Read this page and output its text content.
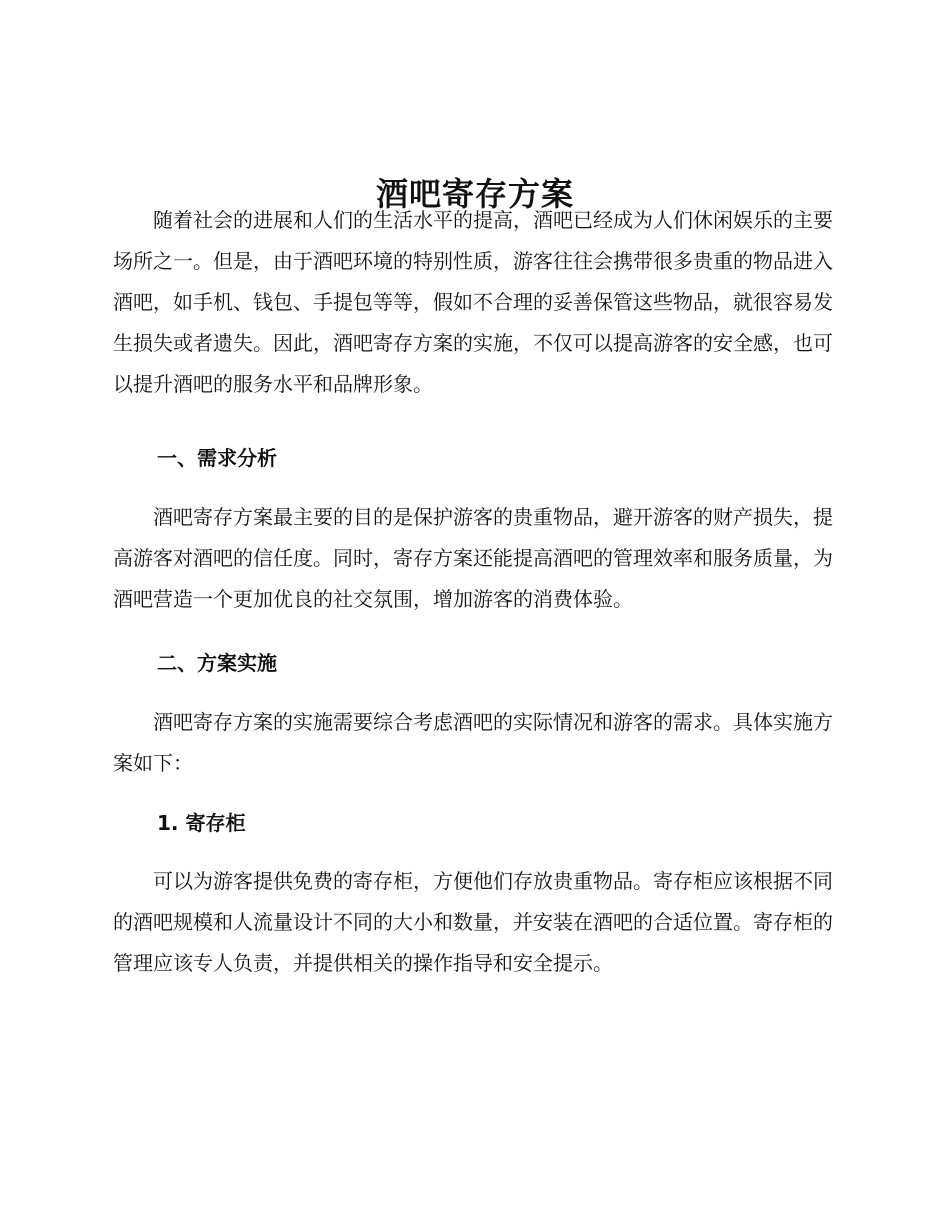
酒吧寄存方案

随着社会的进展和人们的生活水平的提高，酒吧已经成为人们休闲娱乐的主要场所之一。但是，由于酒吧环境的特别性质，游客往往会携带很多贵重的物品进入酒吧，如手机、钱包、手提包等等，假如不合理的妥善保管这些物品，就很容易发生损失或者遗失。因此，酒吧寄存方案的实施，不仅可以提高游客的安全感，也可以提升酒吧的服务水平和品牌形象。

一、需求分析

酒吧寄存方案最主要的目的是保护游客的贵重物品，避开游客的财产损失，提高游客对酒吧的信任度。同时，寄存方案还能提高酒吧的管理效率和服务质量，为酒吧营造一个更加优良的社交氛围，增加游客的消费体验。

二、方案实施

酒吧寄存方案的实施需要综合考虑酒吧的实际情况和游客的需求。具体实施方案如下：

1. 寄存柜

可以为游客提供免费的寄存柜，方便他们存放贵重物品。寄存柜应该根据不同的酒吧规模和人流量设计不同的大小和数量，并安装在酒吧的合适位置。寄存柜的管理应该专人负责，并提供相关的操作指导和安全提示。
